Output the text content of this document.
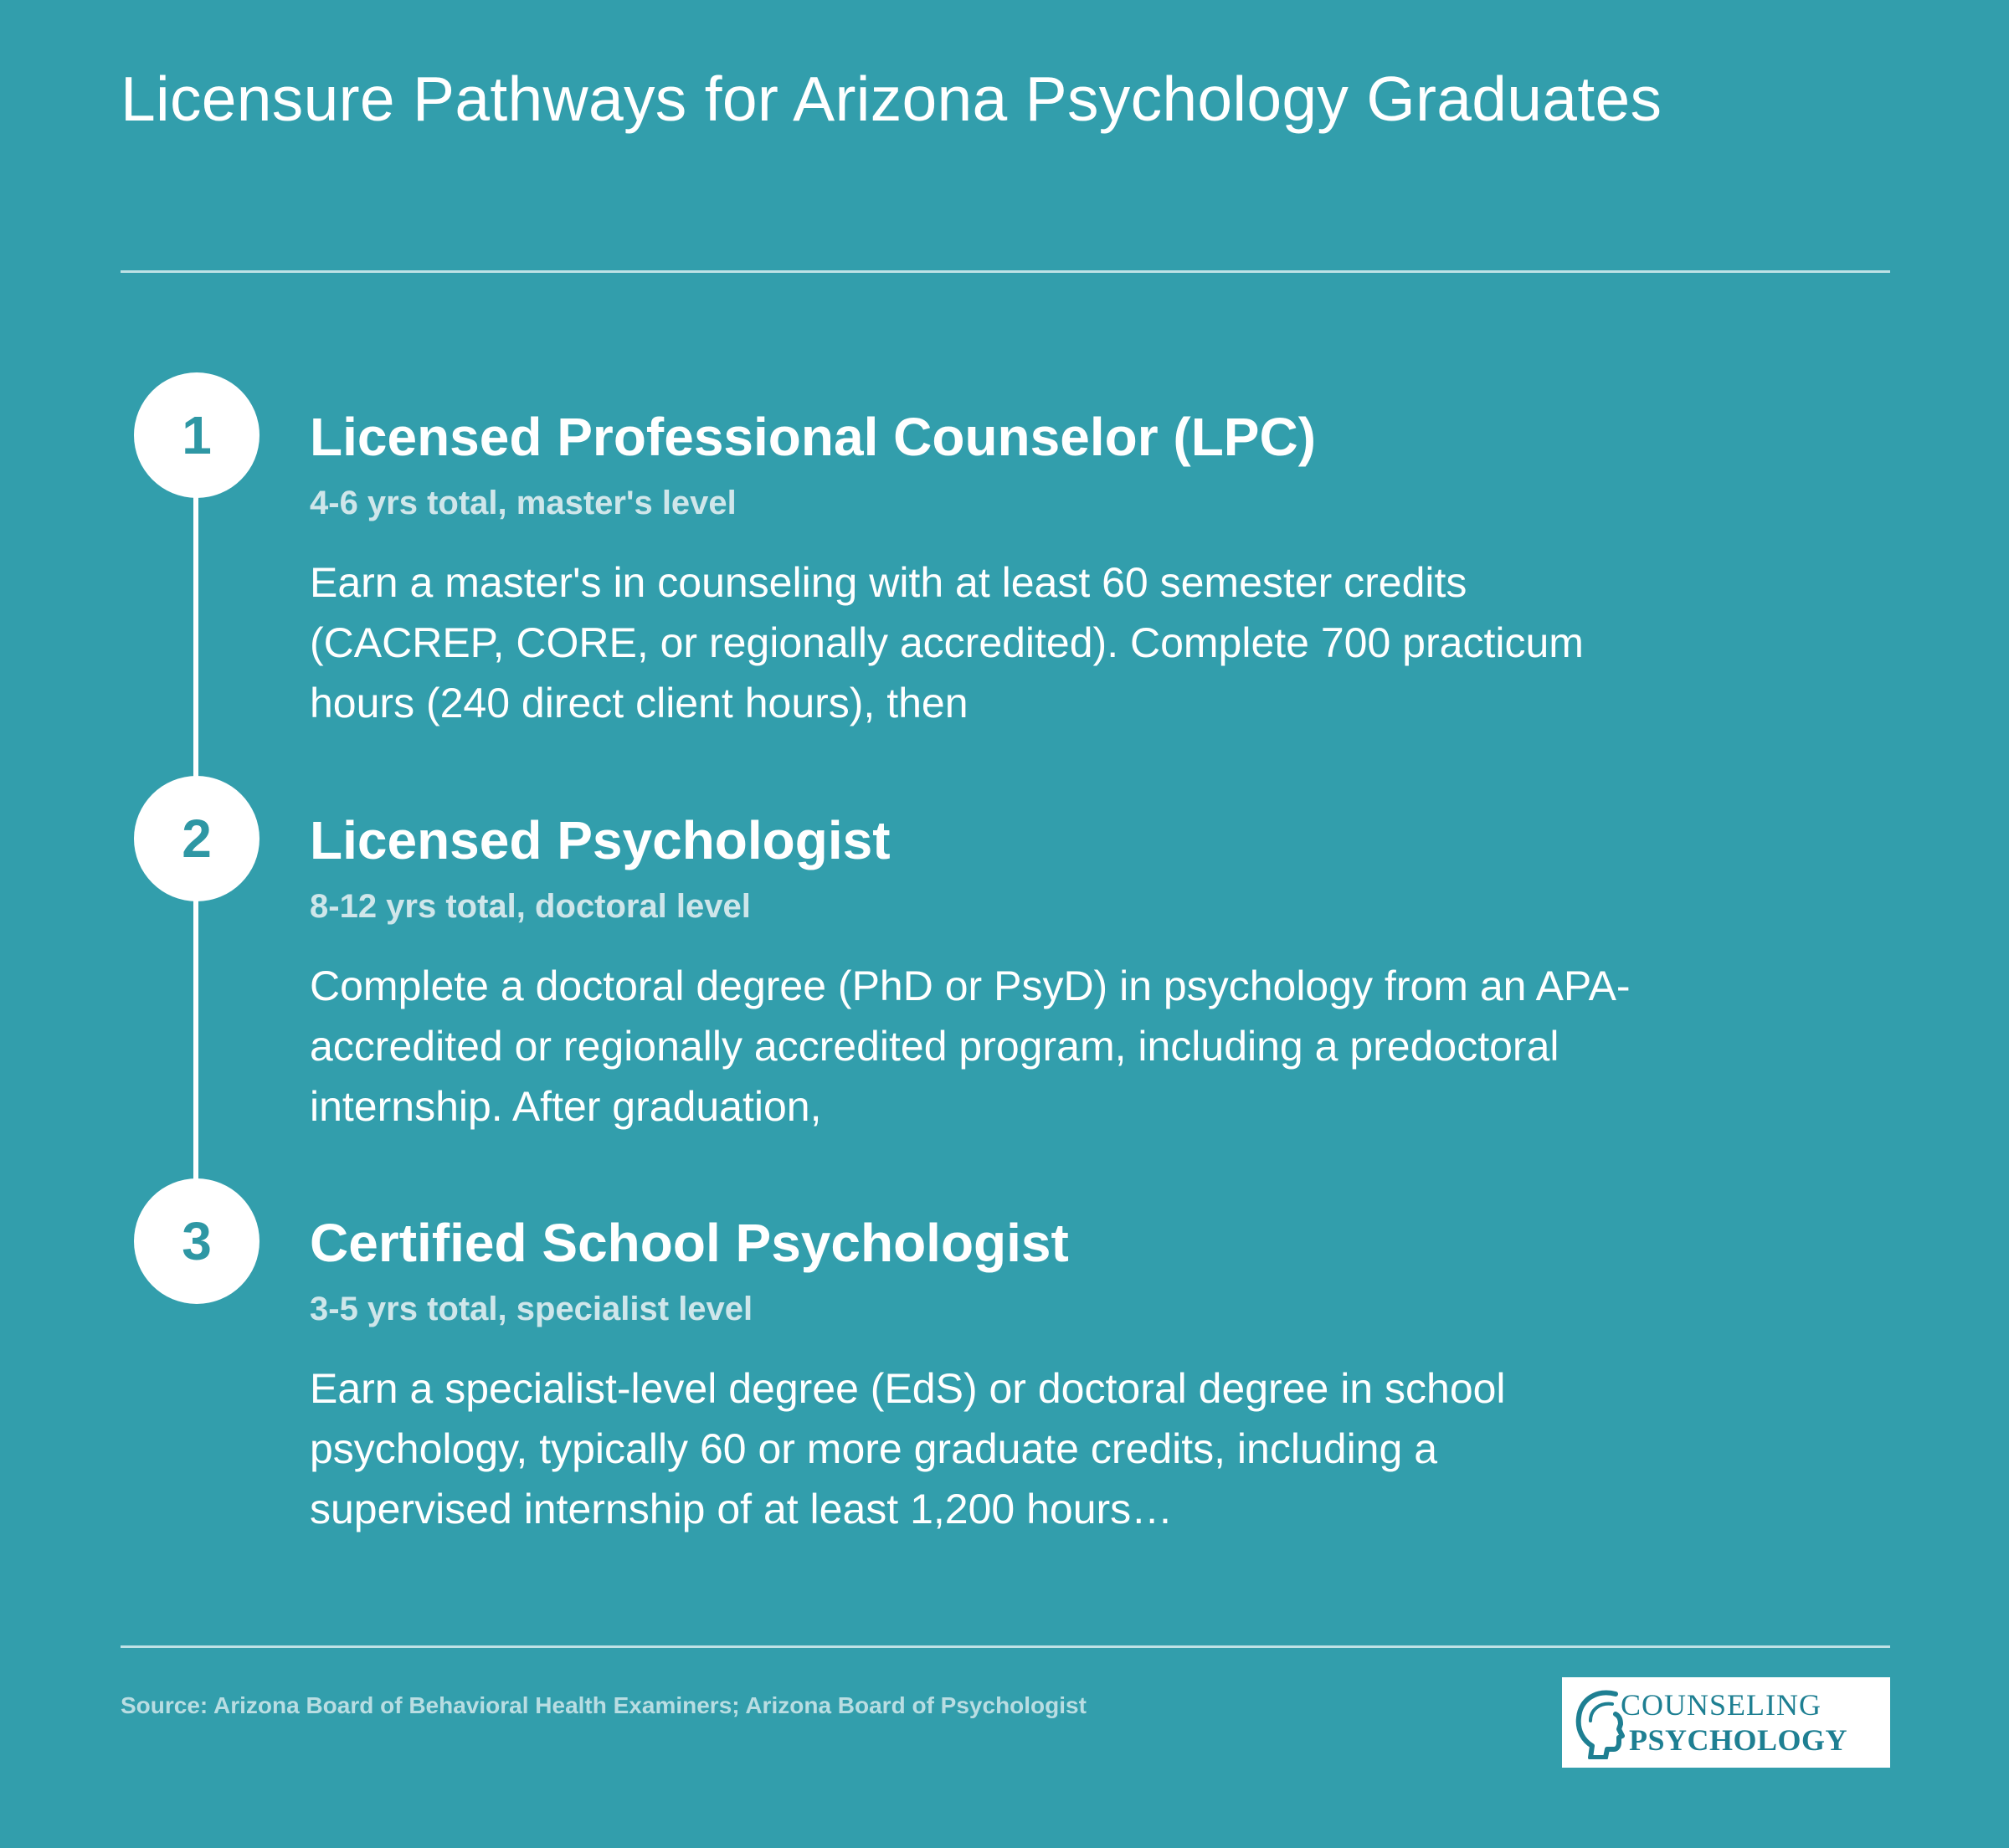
Licensure Pathways for Arizona Psychology Graduates
1	Licensed Professional Counselor (LPC)
4-6 yrs total, master's level
Earn a master's in counseling with at least 60 semester credits (CACREP, CORE, or regionally accredited). Complete 700 practicum hours (240 direct client hours), then
2	Licensed Psychologist
8-12 yrs total, doctoral level
Complete a doctoral degree (PhD or PsyD) in psychology from an APA-accredited or regionally accredited program, including a predoctoral internship. After graduation,
3	Certified School Psychologist
3-5 yrs total, specialist level
Earn a specialist-level degree (EdS) or doctoral degree in school psychology, typically 60 or more graduate credits, including a supervised internship of at least 1,200 hours…
Source: Arizona Board of Behavioral Health Examiners; Arizona Board of Psychologist	COUNSELING
PSYCHOLOGY
